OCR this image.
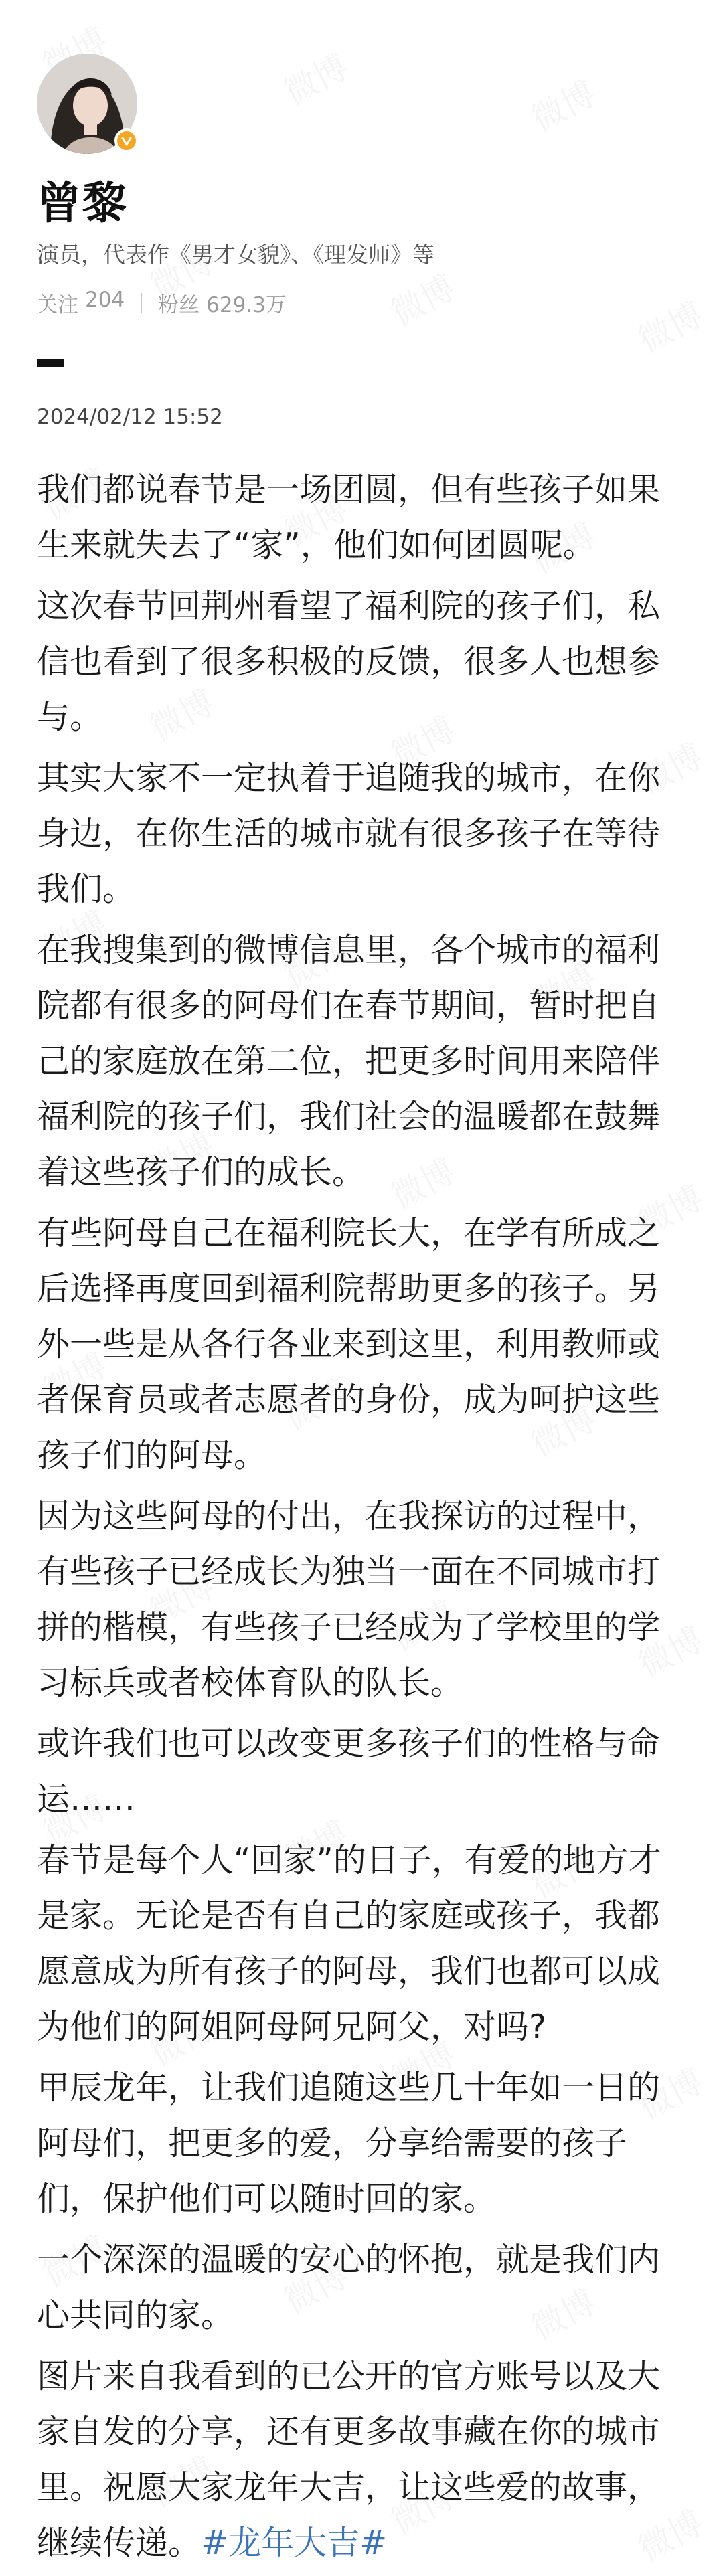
曾黎
演员，代表作《男才女貌》、《理发师》等
关注 204 粉丝 629.3万
2024/02/12 15:52

我们都说春节是一场团圆，但有些孩子如果生来就失去了“家”，他们如何团圆呢。

这次春节回荆州看望了福利院的孩子们，私信也看到了很多积极的反馈，很多人也想参与。

其实大家不一定执着于追随我的城市，在你身边，在你生活的城市就有很多孩子在等待我们。

在我搜集到的微博信息里，各个城市的福利院都有很多的阿母们在春节期间，暂时把自己的家庭放在第二位，把更多时间用来陪伴福利院的孩子们，我们社会的温暖都在鼓舞着这些孩子们的成长。

有些阿母自己在福利院长大，在学有所成之后选择再度回到福利院帮助更多的孩子。另外一些是从各行各业来到这里，利用教师或者保育员或者志愿者的身份，成为呵护这些孩子们的阿母。

因为这些阿母的付出，在我探访的过程中，有些孩子已经成长为独当一面在不同城市打拼的楷模，有些孩子已经成为了学校里的学习标兵或者校体育队的队长。

或许我们也可以改变更多孩子们的性格与命运……

春节是每个人“回家”的日子，有爱的地方才是家。无论是否有自己的家庭或孩子，我都愿意成为所有孩子的阿母，我们也都可以成为他们的阿姐阿母阿兄阿父，对吗?

甲辰龙年，让我们追随这些几十年如一日的阿母们，把更多的爱，分享给需要的孩子们，保护他们可以随时回的家。

一个深深的温暖的安心的怀抱，就是我们内心共同的家。

图片来自我看到的已公开的官方账号以及大家自发的分享，还有更多故事藏在你的城市里。祝愿大家龙年大吉，让这些爱的故事，继续传递。#龙年大吉#
